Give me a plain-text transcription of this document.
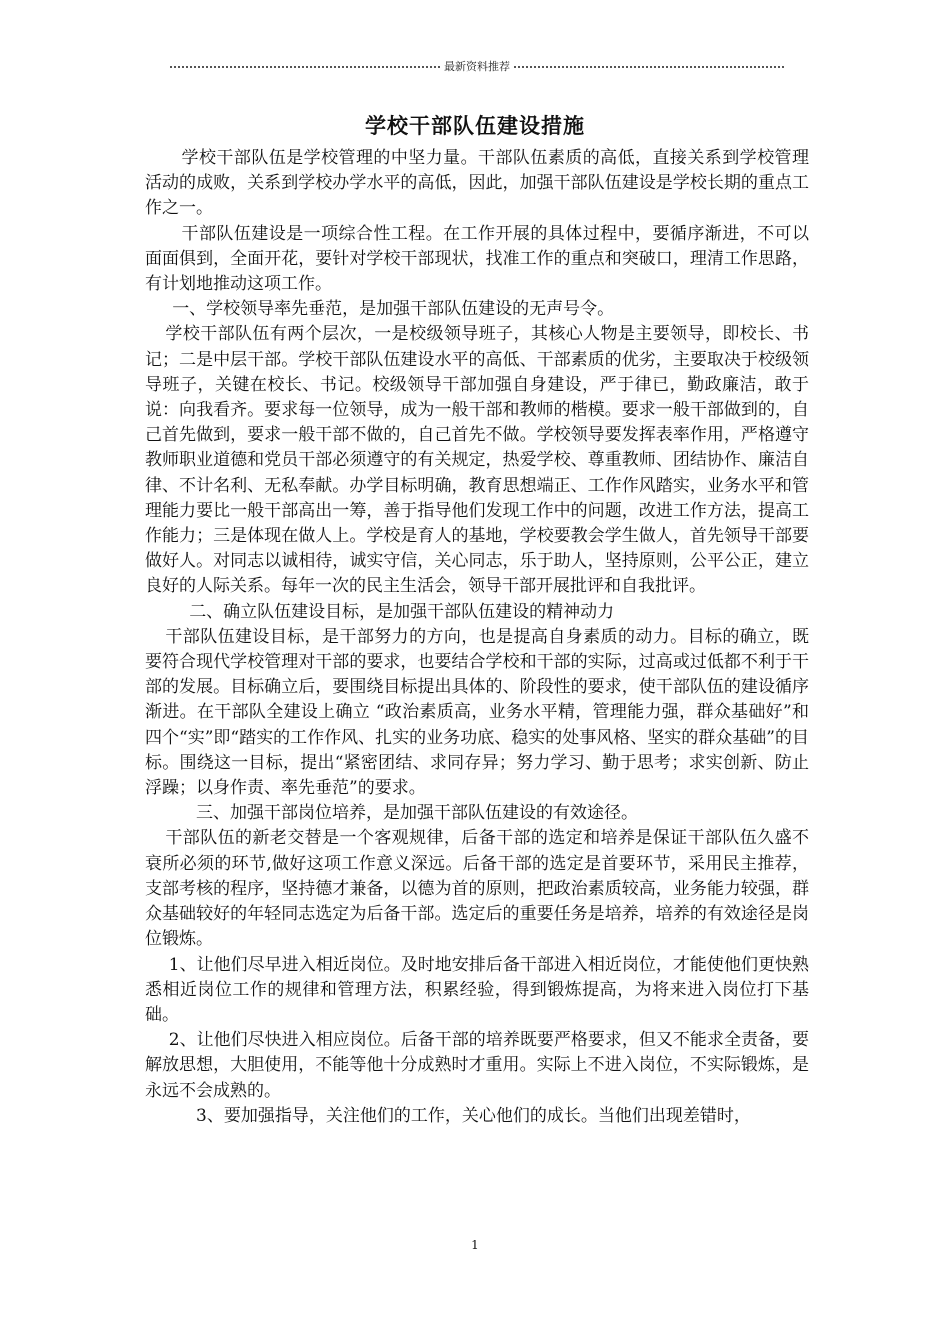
最新资料推荐
学校干部队伍建设措施

学校干部队伍是学校管理的中坚力量。干部队伍素质的高低，直接关系到学校管理活动的成败，关系到学校办学水平的高低，因此，加强干部队伍建设是学校长期的重点工作之一。

干部队伍建设是一项综合性工程。在工作开展的具体过程中，要循序渐进，不可以面面俱到，全面开花，要针对学校干部现状，找准工作的重点和突破口，理清工作思路，有计划地推动这项工作。

一、学校领导率先垂范，是加强干部队伍建设的无声号令。

学校干部队伍有两个层次，一是校级领导班子，其核心人物是主要领导，即校长、书记；二是中层干部。学校干部队伍建设水平的高低、干部素质的优劣，主要取决于校级领导班子，关键在校长、书记。校级领导干部加强自身建设，严于律已，勤政廉洁，敢于说：向我看齐。要求每一位领导，成为一般干部和教师的楷模。要求一般干部做到的，自己首先做到，要求一般干部不做的，自己首先不做。学校领导要发挥表率作用，严格遵守教师职业道德和党员干部必须遵守的有关规定，热爱学校、尊重教师、团结协作、廉洁自律、不计名利、无私奉献。办学目标明确，教育思想端正、工作作风踏实，业务水平和管理能力要比一般干部高出一筹，善于指导他们发现工作中的问题，改进工作方法，提高工作能力；三是体现在做人上。学校是育人的基地，学校要教会学生做人，首先领导干部要做好人。对同志以诚相待，诚实守信，关心同志，乐于助人，坚持原则，公平公正，建立良好的人际关系。每年一次的民主生活会，领导干部开展批评和自我批评。

二、确立队伍建设目标，是加强干部队伍建设的精神动力

干部队伍建设目标，是干部努力的方向，也是提高自身素质的动力。目标的确立，既要符合现代学校管理对干部的要求，也要结合学校和干部的实际，过高或过低都不利于干部的发展。目标确立后，要围绕目标提出具体的、阶段性的要求，使干部队伍的建设循序渐进。在干部队全建设上确立 “政治素质高，业务水平精，管理能力强，群众基础好”和四个“实”即“踏实的工作作风、扎实的业务功底、稳实的处事风格、坚实的群众基础”的目标。围绕这一目标，提出“紧密团结、求同存异；努力学习、勤于思考；求实创新、防止浮躁；以身作责、率先垂范”的要求。

三、加强干部岗位培养，是加强干部队伍建设的有效途径。

干部队伍的新老交替是一个客观规律，后备干部的选定和培养是保证干部队伍久盛不衰所必须的环节,做好这项工作意义深远。后备干部的选定是首要环节，采用民主推荐，支部考核的程序，坚持德才兼备，以德为首的原则，把政治素质较高，业务能力较强，群众基础较好的年轻同志选定为后备干部。选定后的重要任务是培养，培养的有效途径是岗位锻炼。

1、让他们尽早进入相近岗位。及时地安排后备干部进入相近岗位，才能使他们更快熟悉相近岗位工作的规律和管理方法，积累经验，得到锻炼提高，为将来进入岗位打下基础。

2、让他们尽快进入相应岗位。后备干部的培养既要严格要求，但又不能求全责备，要解放思想，大胆使用，不能等他十分成熟时才重用。实际上不进入岗位，不实际锻炼，是永远不会成熟的。

3、要加强指导，关注他们的工作，关心他们的成长。当他们出现差错时，

1
